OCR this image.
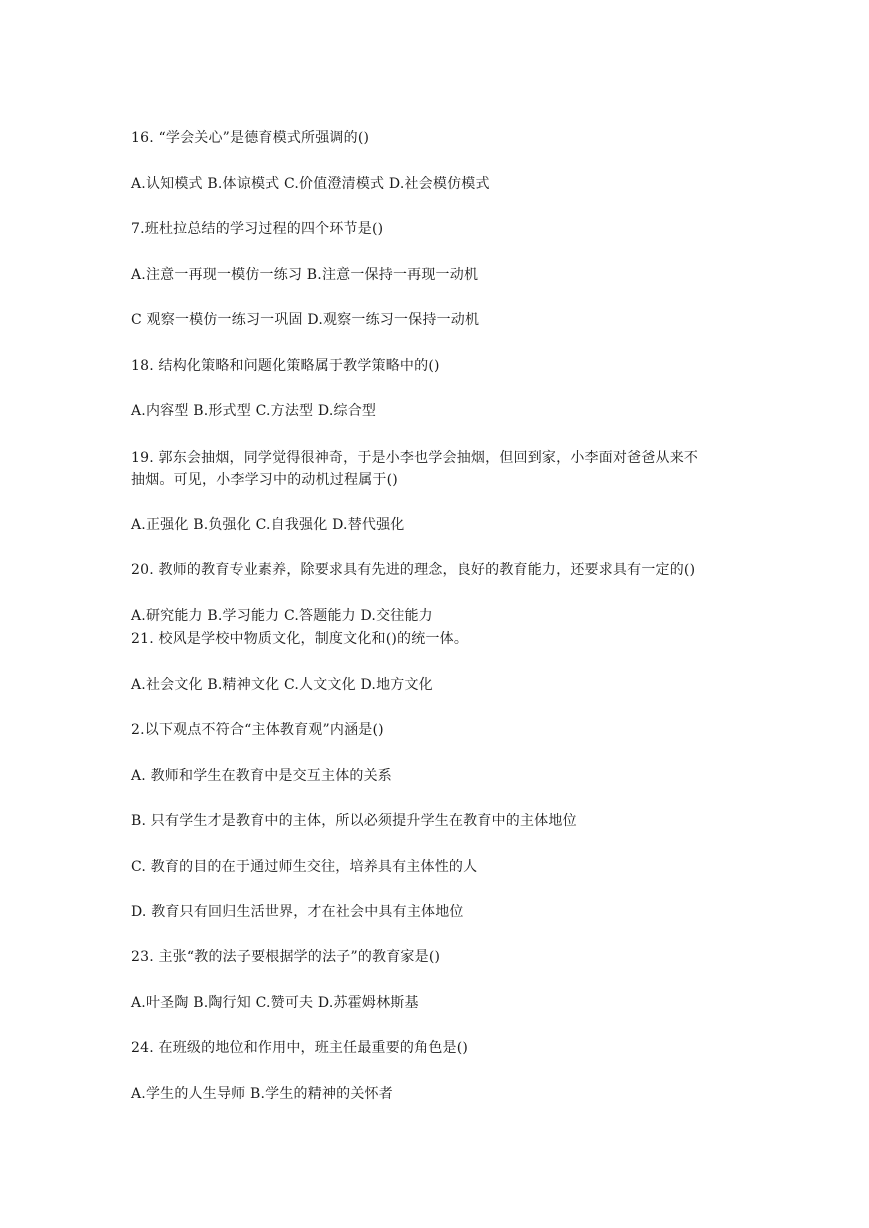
16. “学会关心”是德育模式所强调的()
A.认知模式 B.体谅模式 C.价值澄清模式 D.社会模仿模式
7.班杜拉总结的学习过程的四个环节是()
A.注意一再现一模仿一练习 B.注意一保持一再现一动机
C 观察一模仿一练习一巩固 D.观察一练习一保持一动机
18. 结构化策略和问题化策略属于教学策略中的()
A.内容型 B.形式型 C.方法型 D.综合型
19. 郭东会抽烟，同学觉得很神奇，于是小李也学会抽烟，但回到家，小李面对爸爸从来不
抽烟。可见，小李学习中的动机过程属于()
A.正强化 B.负强化 C.自我强化 D.替代强化
20. 教师的教育专业素养，除要求具有先进的理念，良好的教育能力，还要求具有一定的()
A.研究能力 B.学习能力 C.答题能力 D.交往能力
21. 校风是学校中物质文化，制度文化和()的统一体。
A.社会文化 B.精神文化 C.人文文化 D.地方文化
2.以下观点不符合“主体教育观”内涵是()
A. 教师和学生在教育中是交互主体的关系
B. 只有学生才是教育中的主体，所以必须提升学生在教育中的主体地位
C. 教育的目的在于通过师生交往，培养具有主体性的人
D. 教育只有回归生活世界，才在社会中具有主体地位
23. 主张“教的法子要根据学的法子”的教育家是()
A.叶圣陶 B.陶行知 C.赞可夫 D.苏霍姆林斯基
24. 在班级的地位和作用中，班主任最重要的角色是()
A.学生的人生导师 B.学生的精神的关怀者
